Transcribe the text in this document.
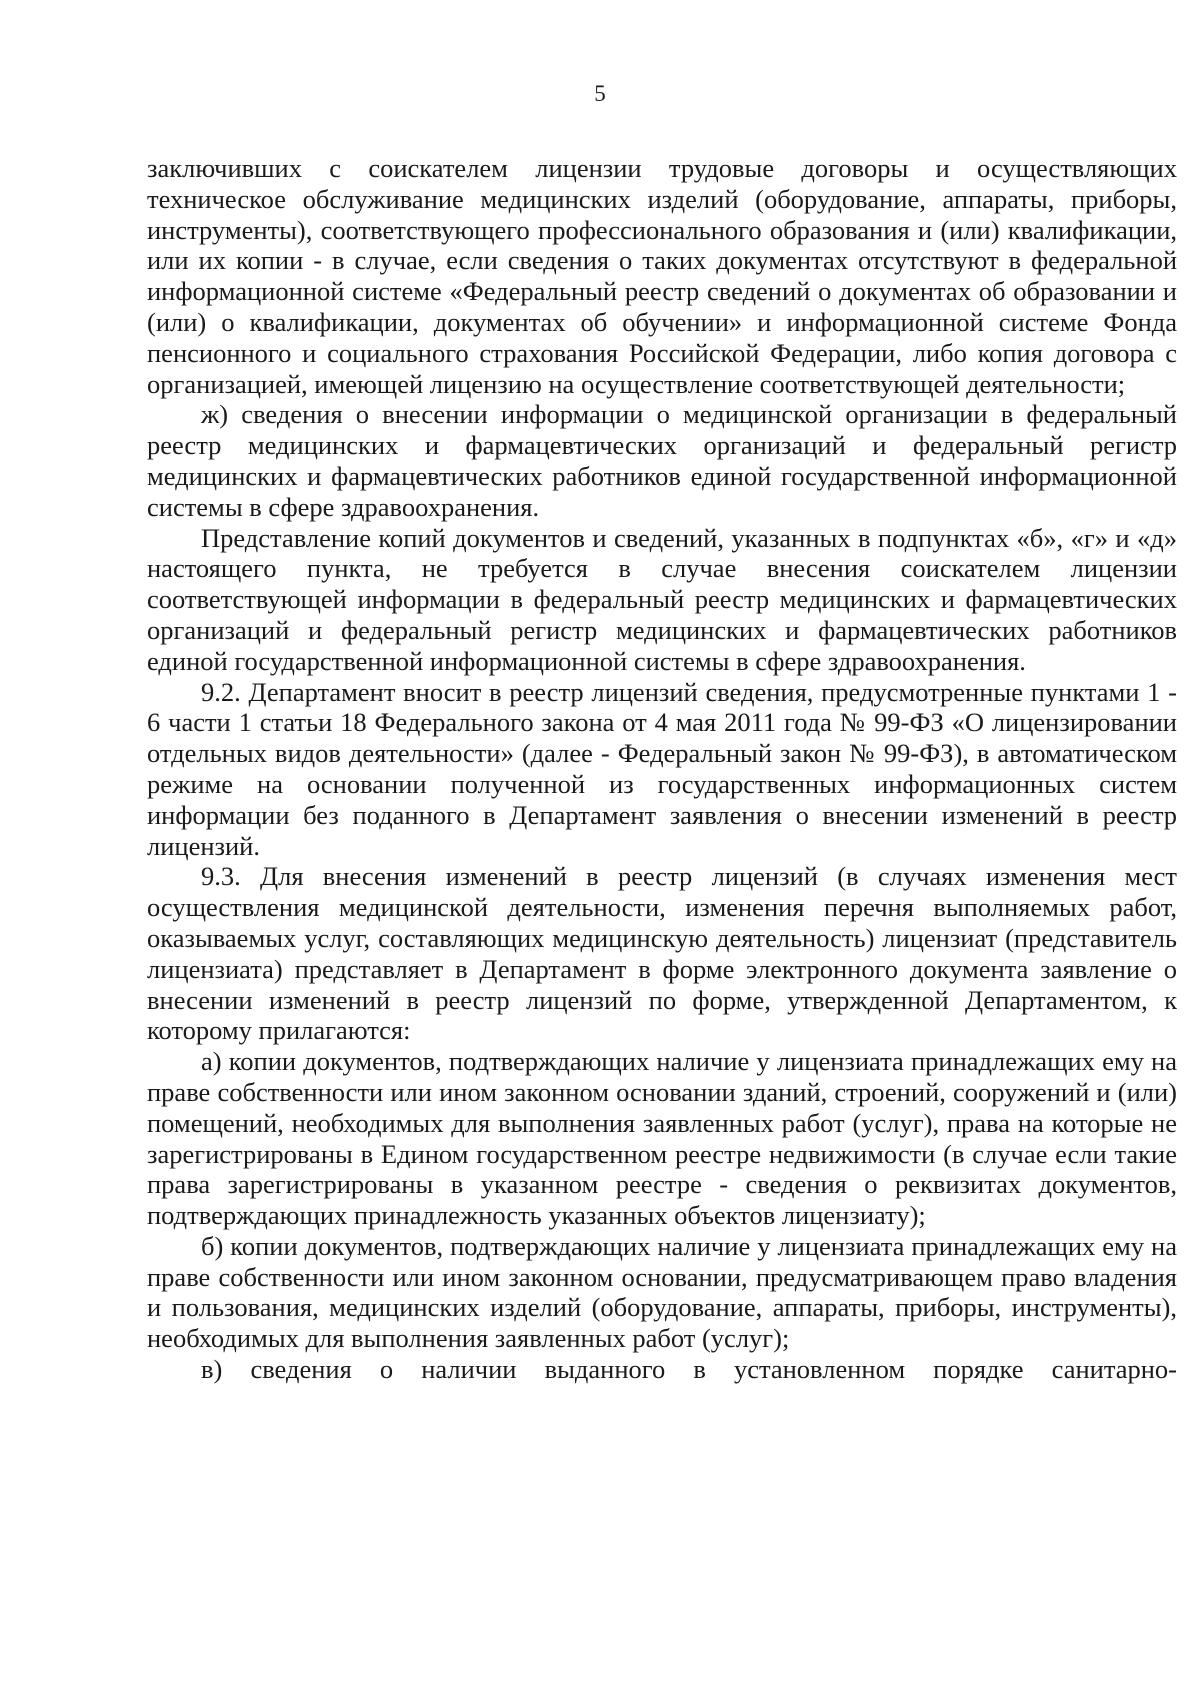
5

заключивших с соискателем лицензии трудовые договоры и осуществляющих техническое обслуживание медицинских изделий (оборудование, аппараты, приборы, инструменты), соответствующего профессионального образования и (или) квалификации, или их копии - в случае, если сведения о таких документах отсутствуют в федеральной информационной системе «Федеральный реестр сведений о документах об образовании и (или) о квалификации, документах об обучении» и информационной системе Фонда пенсионного и социального страхования Российской Федерации, либо копия договора с организацией, имеющей лицензию на осуществление соответствующей деятельности;

ж) сведения о внесении информации о медицинской организации в федеральный реестр медицинских и фармацевтических организаций и федеральный регистр медицинских и фармацевтических работников единой государственной информационной системы в сфере здравоохранения.

Представление копий документов и сведений, указанных в подпунктах «б», «г» и «д» настоящего пункта, не требуется в случае внесения соискателем лицензии соответствующей информации в федеральный реестр медицинских и фармацевтических организаций и федеральный регистр медицинских и фармацевтических работников единой государственной информационной системы в сфере здравоохранения.

9.2. Департамент вносит в реестр лицензий сведения, предусмотренные пунктами 1 - 6 части 1 статьи 18 Федерального закона от 4 мая 2011 года № 99-ФЗ «О лицензировании отдельных видов деятельности» (далее - Федеральный закон № 99-ФЗ), в автоматическом режиме на основании полученной из государственных информационных систем информации без поданного в Департамент заявления о внесении изменений в реестр лицензий.

9.3. Для внесения изменений в реестр лицензий (в случаях изменения мест осуществления медицинской деятельности, изменения перечня выполняемых работ, оказываемых услуг, составляющих медицинскую деятельность) лицензиат (представитель лицензиата) представляет в Департамент в форме электронного документа заявление о внесении изменений в реестр лицензий по форме, утвержденной Департаментом, к которому прилагаются:

а) копии документов, подтверждающих наличие у лицензиата принадлежащих ему на праве собственности или ином законном основании зданий, строений, сооружений и (или) помещений, необходимых для выполнения заявленных работ (услуг), права на которые не зарегистрированы в Едином государственном реестре недвижимости (в случае если такие права зарегистрированы в указанном реестре - сведения о реквизитах документов, подтверждающих принадлежность указанных объектов лицензиату);

б) копии документов, подтверждающих наличие у лицензиата принадлежащих ему на праве собственности или ином законном основании, предусматривающем право владения и пользования, медицинских изделий (оборудование, аппараты, приборы, инструменты), необходимых для выполнения заявленных работ (услуг);

в) сведения о наличии выданного в установленном порядке санитарно-
